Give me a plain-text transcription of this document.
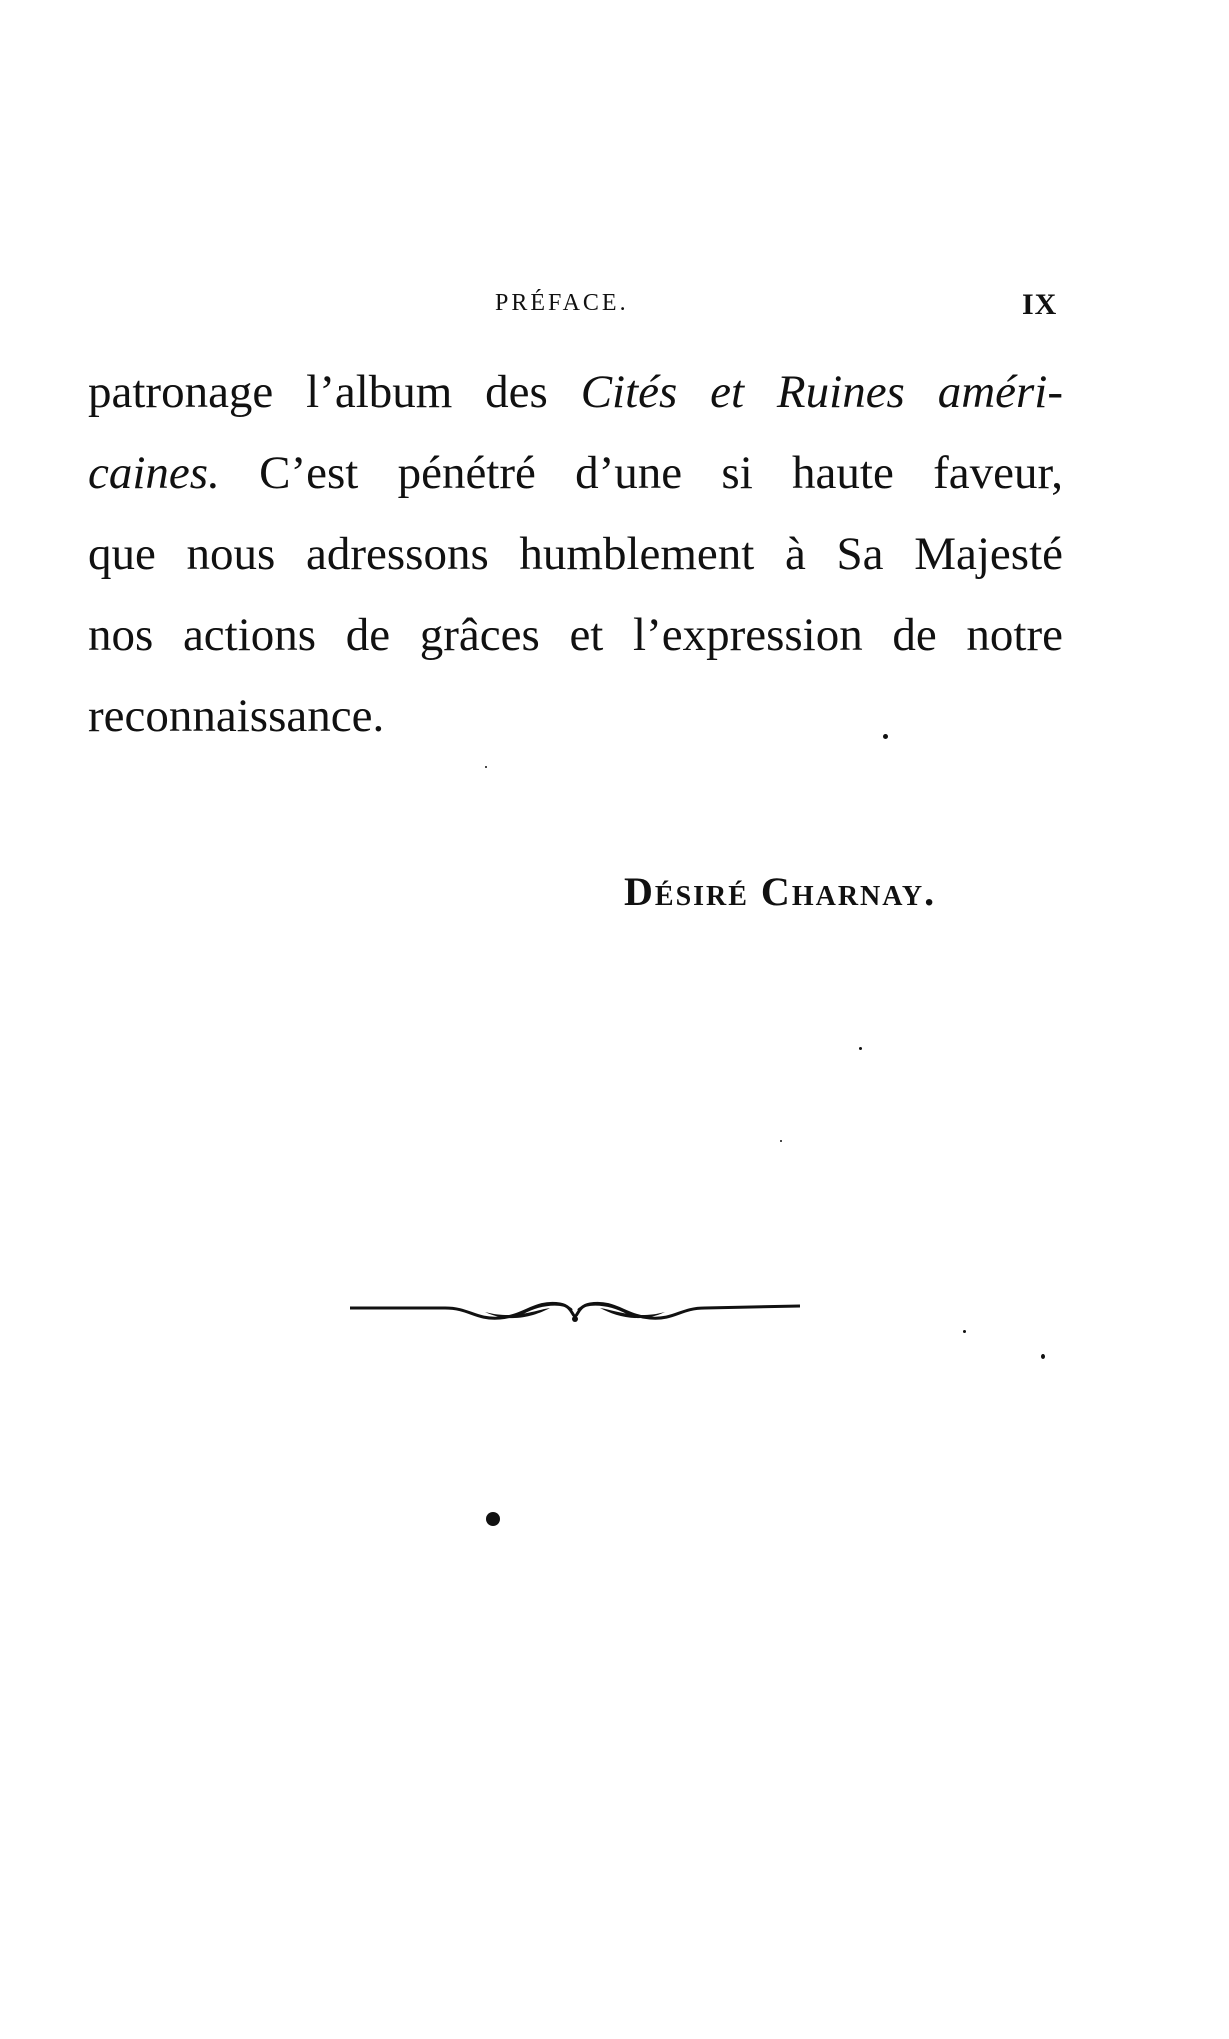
PRÉFACE.	IX
patronage l’album des Cités et Ruines améri-
caines. C’est pénétré d’une si haute faveur,
que nous adressons humblement à Sa Majesté
nos actions de grâces et l’expression de notre
reconnaissance.
Désiré Charnay.
